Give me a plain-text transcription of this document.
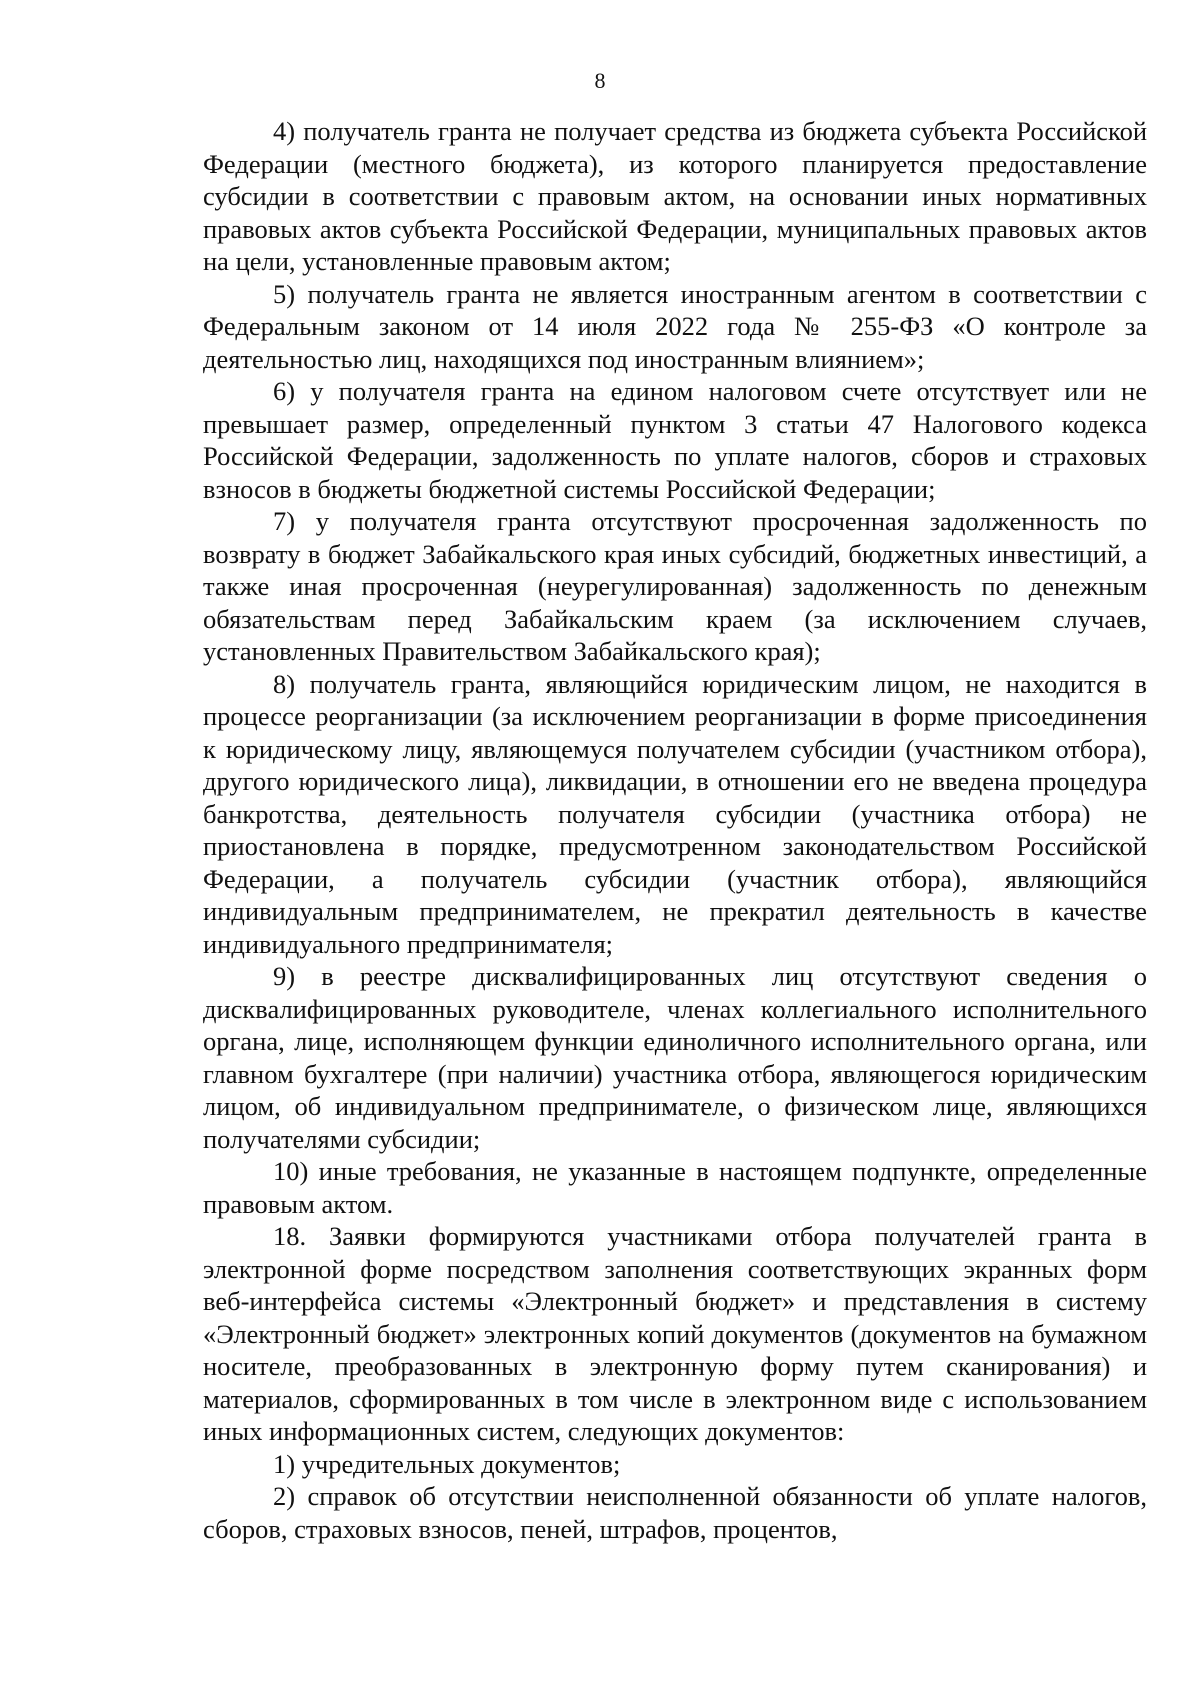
8

4) получатель гранта не получает средства из бюджета субъекта Российской Федерации (местного бюджета), из которого планируется предоставление субсидии в соответствии с правовым актом, на основании иных нормативных правовых актов субъекта Российской Федерации, муниципальных правовых актов на цели, установленные правовым актом;

5) получатель гранта не является иностранным агентом в соответствии с Федеральным законом от 14 июля 2022 года № 255-ФЗ «О контроле за деятельностью лиц, находящихся под иностранным влиянием»;

6) у получателя гранта на едином налоговом счете отсутствует или не превышает размер, определенный пунктом 3 статьи 47 Налогового кодекса Российской Федерации, задолженность по уплате налогов, сборов и страховых взносов в бюджеты бюджетной системы Российской Федерации;

7) у получателя гранта отсутствуют просроченная задолженность по возврату в бюджет Забайкальского края иных субсидий, бюджетных инвестиций, а также иная просроченная (неурегулированная) задолженность по денежным обязательствам перед Забайкальским краем (за исключением случаев, установленных Правительством Забайкальского края);

8) получатель гранта, являющийся юридическим лицом, не находится в процессе реорганизации (за исключением реорганизации в форме присоединения к юридическому лицу, являющемуся получателем субсидии (участником отбора), другого юридического лица), ликвидации, в отношении его не введена процедура банкротства, деятельность получателя субсидии (участника отбора) не приостановлена в порядке, предусмотренном законодательством Российской Федерации, а получатель субсидии (участник отбора), являющийся индивидуальным предпринимателем, не прекратил деятельность в качестве индивидуального предпринимателя;

9) в реестре дисквалифицированных лиц отсутствуют сведения о дисквалифицированных руководителе, членах коллегиального исполнительного органа, лице, исполняющем функции единоличного исполнительного органа, или главном бухгалтере (при наличии) участника отбора, являющегося юридическим лицом, об индивидуальном предпринимателе, о физическом лице, являющихся получателями субсидии;

10) иные требования, не указанные в настоящем подпункте, определенные правовым актом.

18. Заявки формируются участниками отбора получателей гранта в электронной форме посредством заполнения соответствующих экранных форм веб-интерфейса системы «Электронный бюджет» и представления в систему «Электронный бюджет» электронных копий документов (документов на бумажном носителе, преобразованных в электронную форму путем сканирования) и материалов, сформированных в том числе в электронном виде с использованием иных информационных систем, следующих документов:

1) учредительных документов;

2) справок об отсутствии неисполненной обязанности об уплате налогов, сборов, страховых взносов, пеней, штрафов, процентов,
